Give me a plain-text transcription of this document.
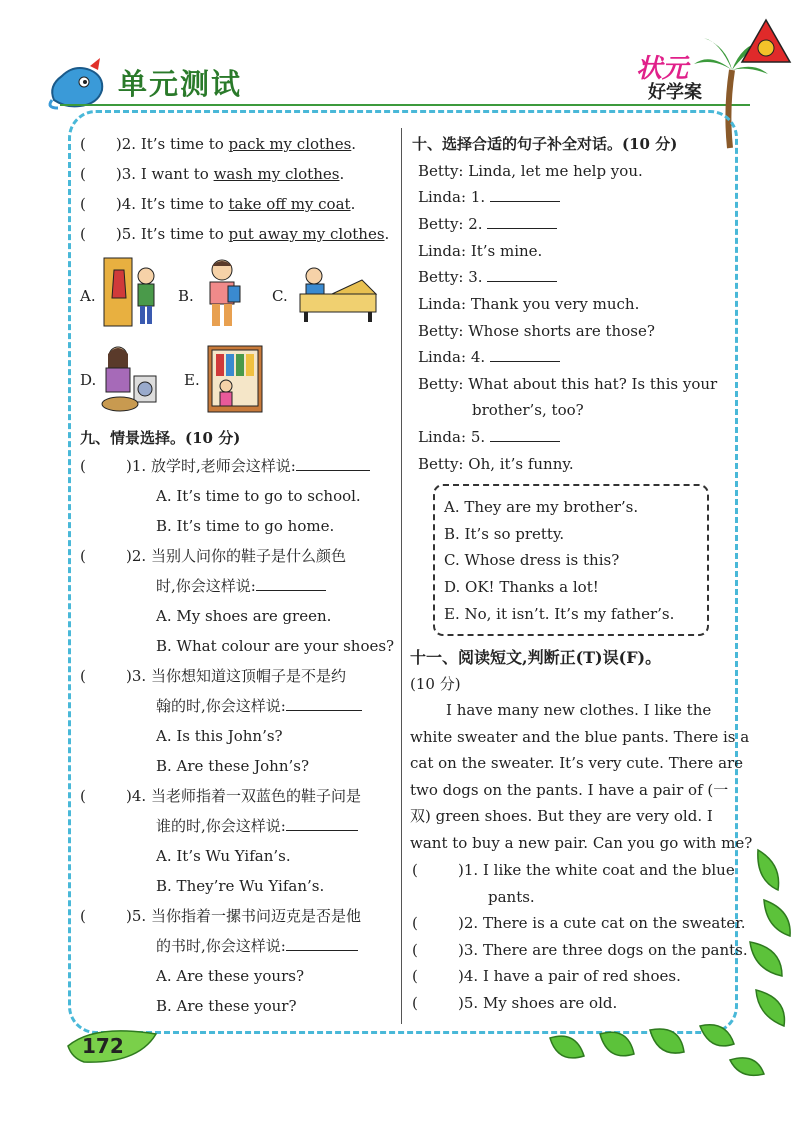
单元测试	状元
好学案
( )2. It’s time to pack my clothes.
( )3. I want to wash my clothes.
( )4. It’s time to take off my coat.
( )5. It’s time to put away my clothes.
A.	B.	C.
D.	E.
九、情景选择。(10 分)
(	)1. 放学时,老师会这样说:
A. It’s time to go to school.
B. It’s time to go home.
(	)2. 当别人问你的鞋子是什么颜色
时,你会这样说:
A. My shoes are green.
B. What colour are your shoes?
(	)3. 当你想知道这顶帽子是不是约
翰的时,你会这样说:
A. Is this John’s?
B. Are these John’s?
(	)4. 当老师指着一双蓝色的鞋子问是
谁的时,你会这样说:
A. It’s Wu Yifan’s.
B. They’re Wu Yifan’s.
(	)5. 当你指着一摞书问迈克是否是他
的书时,你会这样说:
A. Are these yours?
B. Are these your?
十、选择合适的句子补全对话。(10 分)
Betty: Linda, let me help you.
Linda: 1.
Betty: 2.
Linda: It’s mine.
Betty: 3.
Linda: Thank you very much.
Betty: Whose shorts are those?
Linda: 4.
Betty: What about this hat? Is this your
brother’s, too?
Linda: 5.
Betty: Oh, it’s funny.
A. They are my brother’s.
B. It’s so pretty.
C. Whose dress is this?
D. OK! Thanks a lot!
E. No, it isn’t. It’s my father’s.
十一、阅读短文,判断正(T)误(F)。
(10 分)
I have many new clothes. I like the
white sweater and the blue pants. There is a
cat on the sweater. It’s very cute. There are
two dogs on the pants. I have a pair of (一
双) green shoes. But they are very old. I
want to buy a new pair. Can you go with me?
(	)1. I like the white coat and the blue
pants.
(	)2. There is a cute cat on the sweater.
(	)3. There are three dogs on the pants.
(	)4. I have a pair of red shoes.
(	)5. My shoes are old.
172
